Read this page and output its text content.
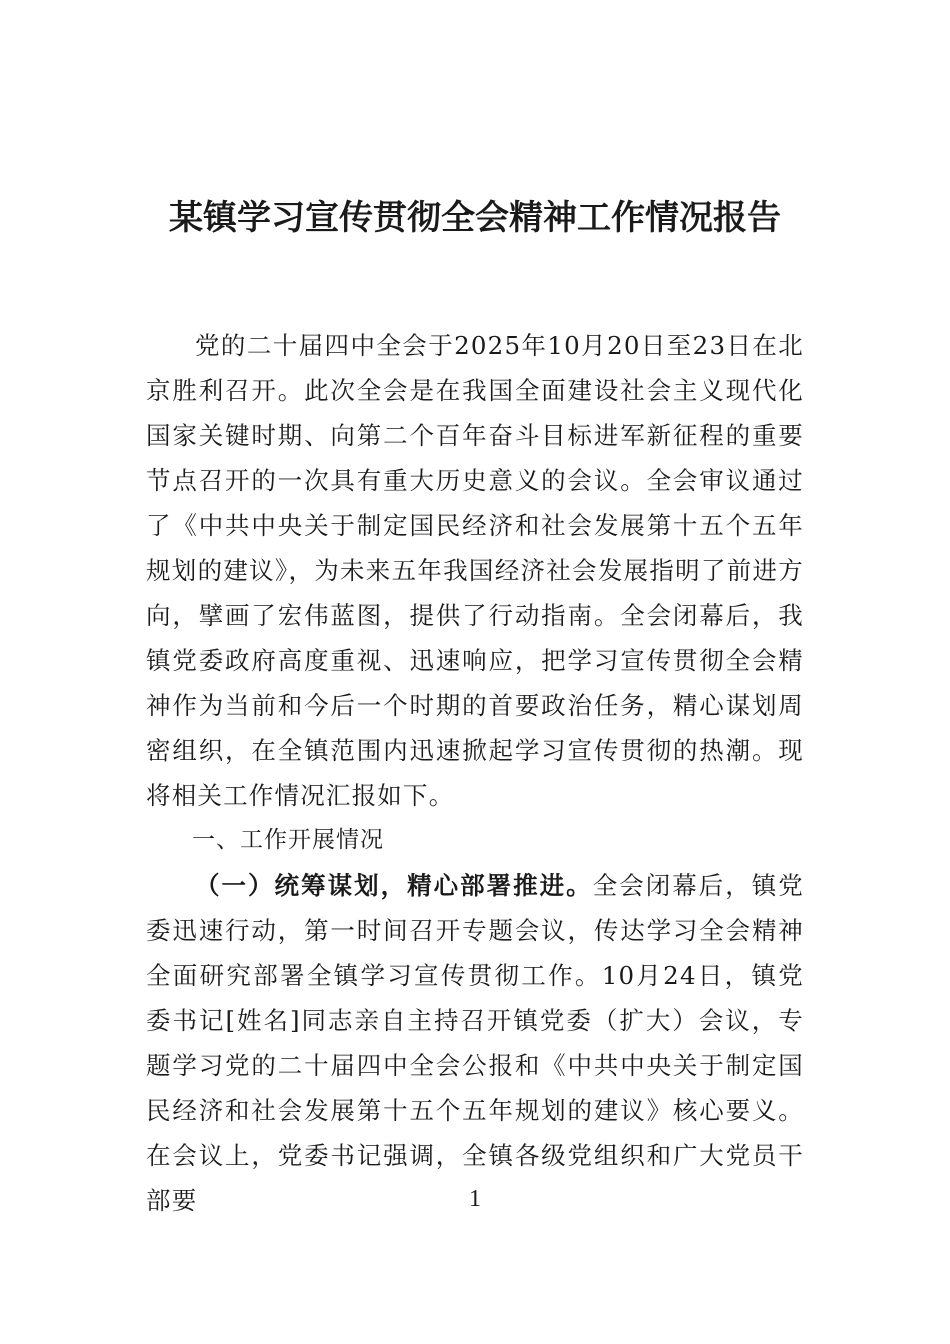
某镇学习宣传贯彻全会精神工作情况报告

党的二十届四中全会于2025年10月20日至23日在北京胜利召开。此次全会是在我国全面建设社会主义现代化国家关键时期、向第二个百年奋斗目标进军新征程的重要节点召开的一次具有重大历史意义的会议。全会审议通过了《中共中央关于制定国民经济和社会发展第十五个五年规划的建议》，为未来五年我国经济社会发展指明了前进方向，擘画了宏伟蓝图，提供了行动指南。全会闭幕后，我镇党委政府高度重视、迅速响应，把学习宣传贯彻全会精神作为当前和今后一个时期的首要政治任务，精心谋划周密组织，在全镇范围内迅速掀起学习宣传贯彻的热潮。现将相关工作情况汇报如下。

一、工作开展情况

（一）统筹谋划，精心部署推进。全会闭幕后，镇党委迅速行动，第一时间召开专题会议，传达学习全会精神全面研究部署全镇学习宣传贯彻工作。10月24日，镇党委书记[姓名]同志亲自主持召开镇党委（扩大）会议，专题学习党的二十届四中全会公报和《中共中央关于制定国民经济和社会发展第十五个五年规划的建议》核心要义。在会议上，党委书记强调，全镇各级党组织和广大党员干部要	1
